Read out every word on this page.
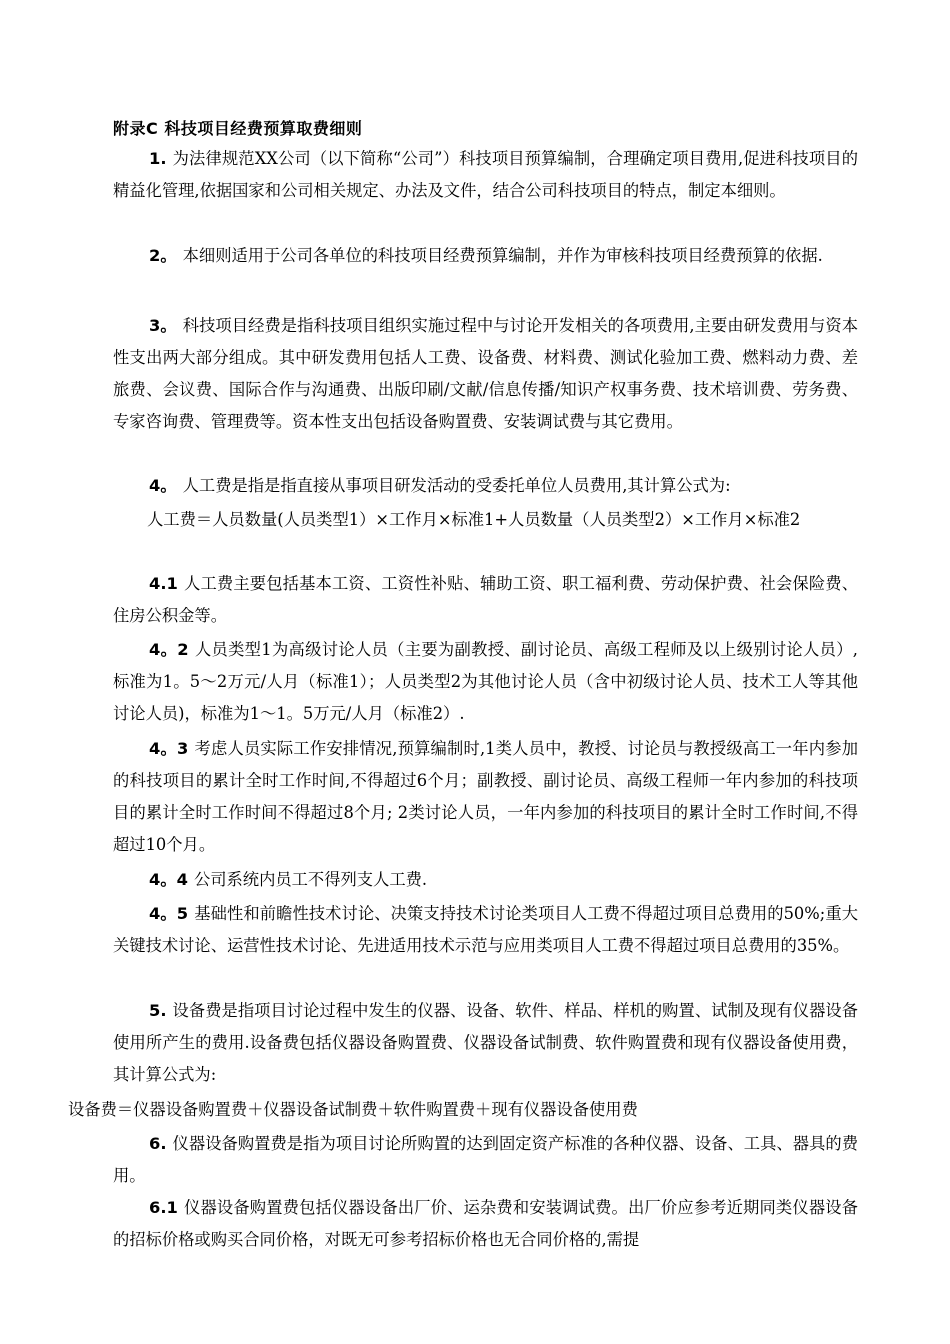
附录C 科技项目经费预算取费细则
1. 为法律规范XX公司（以下简称“公司”）科技项目预算编制，合理确定项目费用,促进科技项目的精益化管理,依据国家和公司相关规定、办法及文件，结合公司科技项目的特点，制定本细则。
2。 本细则适用于公司各单位的科技项目经费预算编制，并作为审核科技项目经费预算的依据.
3。 科技项目经费是指科技项目组织实施过程中与讨论开发相关的各项费用,主要由研发费用与资本性支出两大部分组成。其中研发费用包括人工费、设备费、材料费、测试化验加工费、燃料动力费、差旅费、会议费、国际合作与沟通费、出版印刷/文献/信息传播/知识产权事务费、技术培训费、劳务费、专家咨询费、管理费等。资本性支出包括设备购置费、安装调试费与其它费用。
4。 人工费是指是指直接从事项目研发活动的受委托单位人员费用,其计算公式为:
人工费＝人员数量(人员类型1）×工作月×标准1+人员数量（人员类型2）×工作月×标准2
4.1 人工费主要包括基本工资、工资性补贴、辅助工资、职工福利费、劳动保护费、社会保险费、住房公积金等。
4。2 人员类型1为高级讨论人员（主要为副教授、副讨论员、高级工程师及以上级别讨论人员）,标准为1。5～2万元/人月（标准1）；人员类型2为其他讨论人员（含中初级讨论人员、技术工人等其他讨论人员)，标准为1～1。5万元/人月（标准2）.
4。3 考虑人员实际工作安排情况,预算编制时,1类人员中，教授、讨论员与教授级高工一年内参加的科技项目的累计全时工作时间,不得超过6个月；副教授、副讨论员、高级工程师一年内参加的科技项目的累计全时工作时间不得超过8个月; 2类讨论人员，一年内参加的科技项目的累计全时工作时间,不得超过10个月。
4。4 公司系统内员工不得列支人工费.
4。5 基础性和前瞻性技术讨论、决策支持技术讨论类项目人工费不得超过项目总费用的50%;重大关键技术讨论、运营性技术讨论、先进适用技术示范与应用类项目人工费不得超过项目总费用的35%。
5. 设备费是指项目讨论过程中发生的仪器、设备、软件、样品、样机的购置、试制及现有仪器设备使用所产生的费用.设备费包括仪器设备购置费、仪器设备试制费、软件购置费和现有仪器设备使用费，其计算公式为:
设备费＝仪器设备购置费＋仪器设备试制费＋软件购置费＋现有仪器设备使用费
6. 仪器设备购置费是指为项目讨论所购置的达到固定资产标准的各种仪器、设备、工具、器具的费用。
6.1 仪器设备购置费包括仪器设备出厂价、运杂费和安装调试费。出厂价应参考近期同类仪器设备的招标价格或购买合同价格，对既无可参考招标价格也无合同价格的,需提
